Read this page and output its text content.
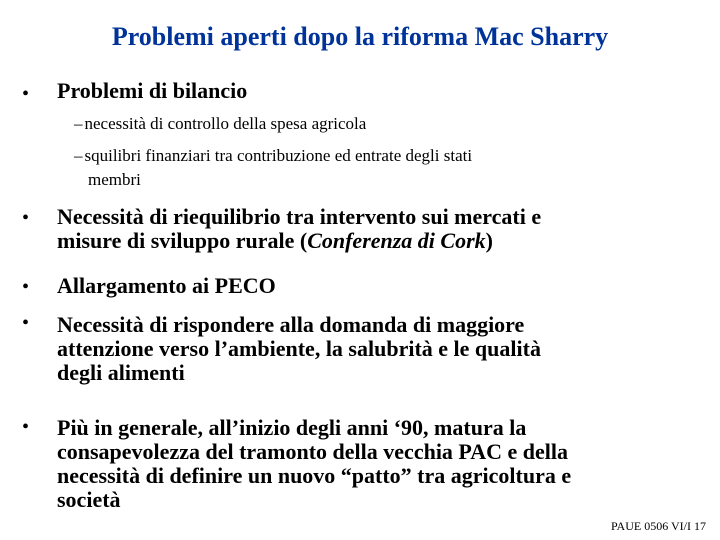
Problemi aperti dopo la riforma Mac Sharry
• Problemi di bilancio
– necessità di controllo della spesa agricola
– squilibri finanziari tra contribuzione ed entrate degli stati
membri
• Necessità di riequilibrio tra intervento sui mercati e
misure di sviluppo rurale (Conferenza di Cork)
• Allargamento ai PECO
• Necessità di rispondere alla domanda di maggiore
attenzione verso l’ambiente, la salubrità e le qualità
degli alimenti
• Più in generale, all’inizio degli anni ‘90, matura la
consapevolezza del tramonto della vecchia PAC e della
necessità di definire un nuovo “patto” tra agricoltura e
società
PAUE 0506 VI/I 17
